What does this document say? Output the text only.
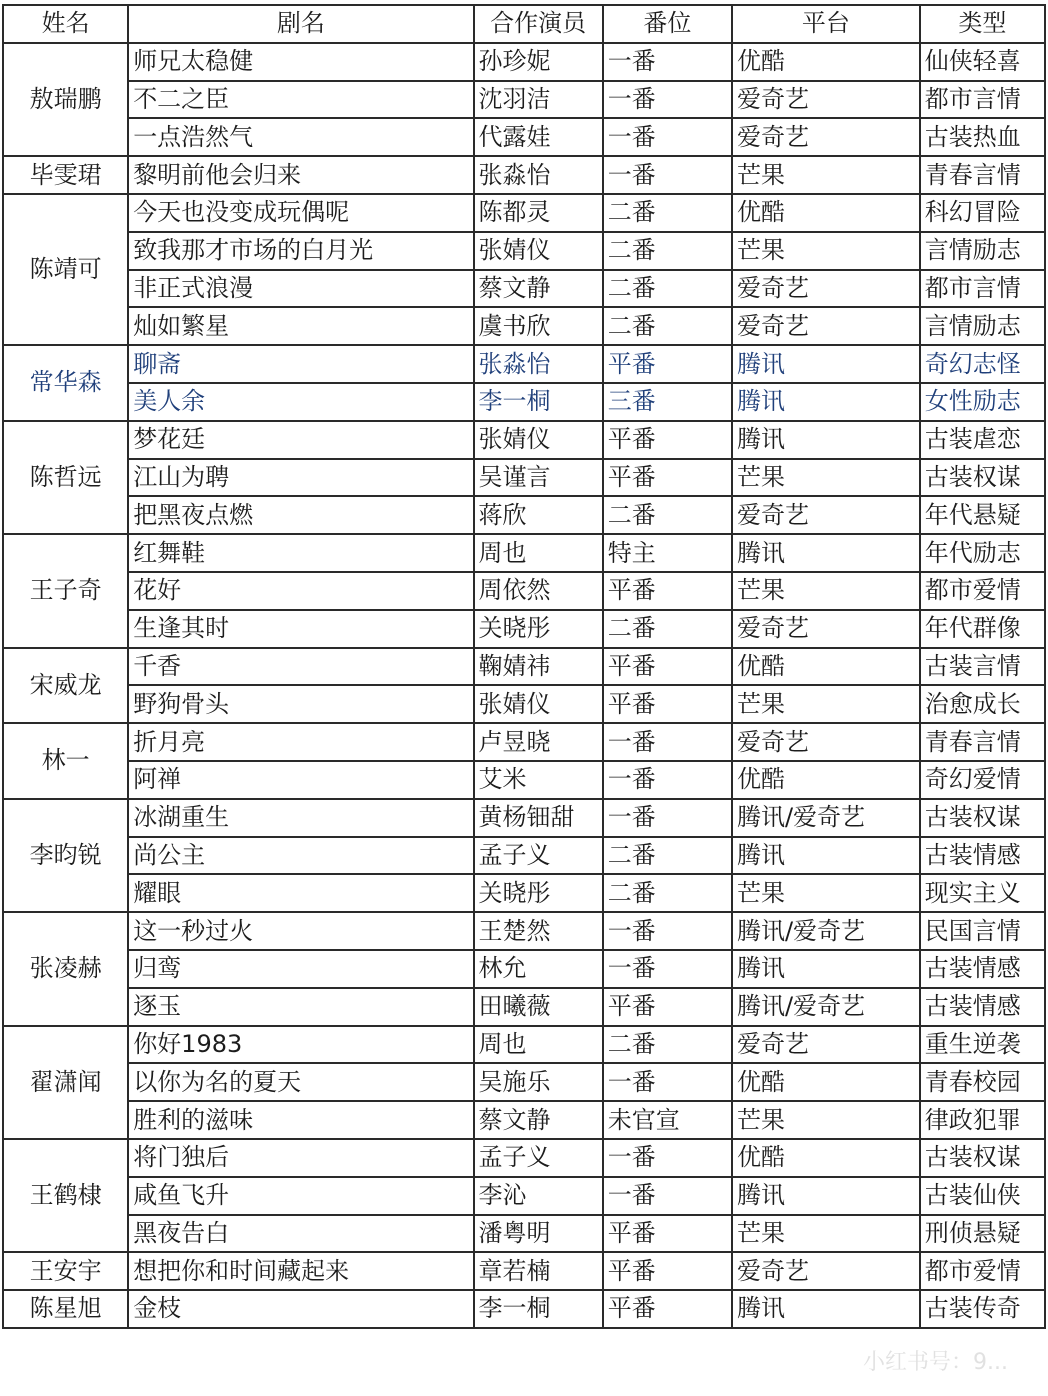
姓名	剧名	合作演员	番位	平台	类型
敖瑞鹏	师兄太稳健	孙珍妮	一番	优酷	仙侠轻喜
	不二之臣	沈羽洁	一番	爱奇艺	都市言情
	一点浩然气	代露娃	一番	爱奇艺	古装热血
毕雯珺	黎明前他会归来	张淼怡	一番	芒果	青春言情
陈靖可	今天也没变成玩偶呢	陈都灵	二番	优酷	科幻冒险
	致我那才市场的白月光	张婧仪	二番	芒果	言情励志
	非正式浪漫	蔡文静	二番	爱奇艺	都市言情
	灿如繁星	虞书欣	二番	爱奇艺	言情励志
常华森	聊斋	张淼怡	平番	腾讯	奇幻志怪
	美人余	李一桐	三番	腾讯	女性励志
陈哲远	梦花廷	张婧仪	平番	腾讯	古装虐恋
	江山为聘	吴谨言	平番	芒果	古装权谋
	把黑夜点燃	蒋欣	二番	爱奇艺	年代悬疑
王子奇	红舞鞋	周也	特主	腾讯	年代励志
	花好	周依然	平番	芒果	都市爱情
	生逢其时	关晓彤	二番	爱奇艺	年代群像
宋威龙	千香	鞠婧祎	平番	优酷	古装言情
	野狗骨头	张婧仪	平番	芒果	治愈成长
林一	折月亮	卢昱晓	一番	爱奇艺	青春言情
	阿禅	艾米	一番	优酷	奇幻爱情
李昀锐	冰湖重生	黄杨钿甜	一番	腾讯/爱奇艺	古装权谋
	尚公主	孟子义	二番	腾讯	古装情感
	耀眼	关晓彤	二番	芒果	现实主义
张凌赫	这一秒过火	王楚然	一番	腾讯/爱奇艺	民国言情
	归鸾	林允	一番	腾讯	古装情感
	逐玉	田曦薇	平番	腾讯/爱奇艺	古装情感
翟潇闻	你好1983	周也	二番	爱奇艺	重生逆袭
	以你为名的夏天	吴施乐	一番	优酷	青春校园
	胜利的滋味	蔡文静	未官宣	芒果	律政犯罪
王鹤棣	将门独后	孟子义	一番	优酷	古装权谋
	咸鱼飞升	李沁	一番	腾讯	古装仙侠
	黑夜告白	潘粤明	平番	芒果	刑侦悬疑
王安宇	想把你和时间藏起来	章若楠	平番	爱奇艺	都市爱情
陈星旭	金枝	李一桐	平番	腾讯	古装传奇
小红书号：9...
